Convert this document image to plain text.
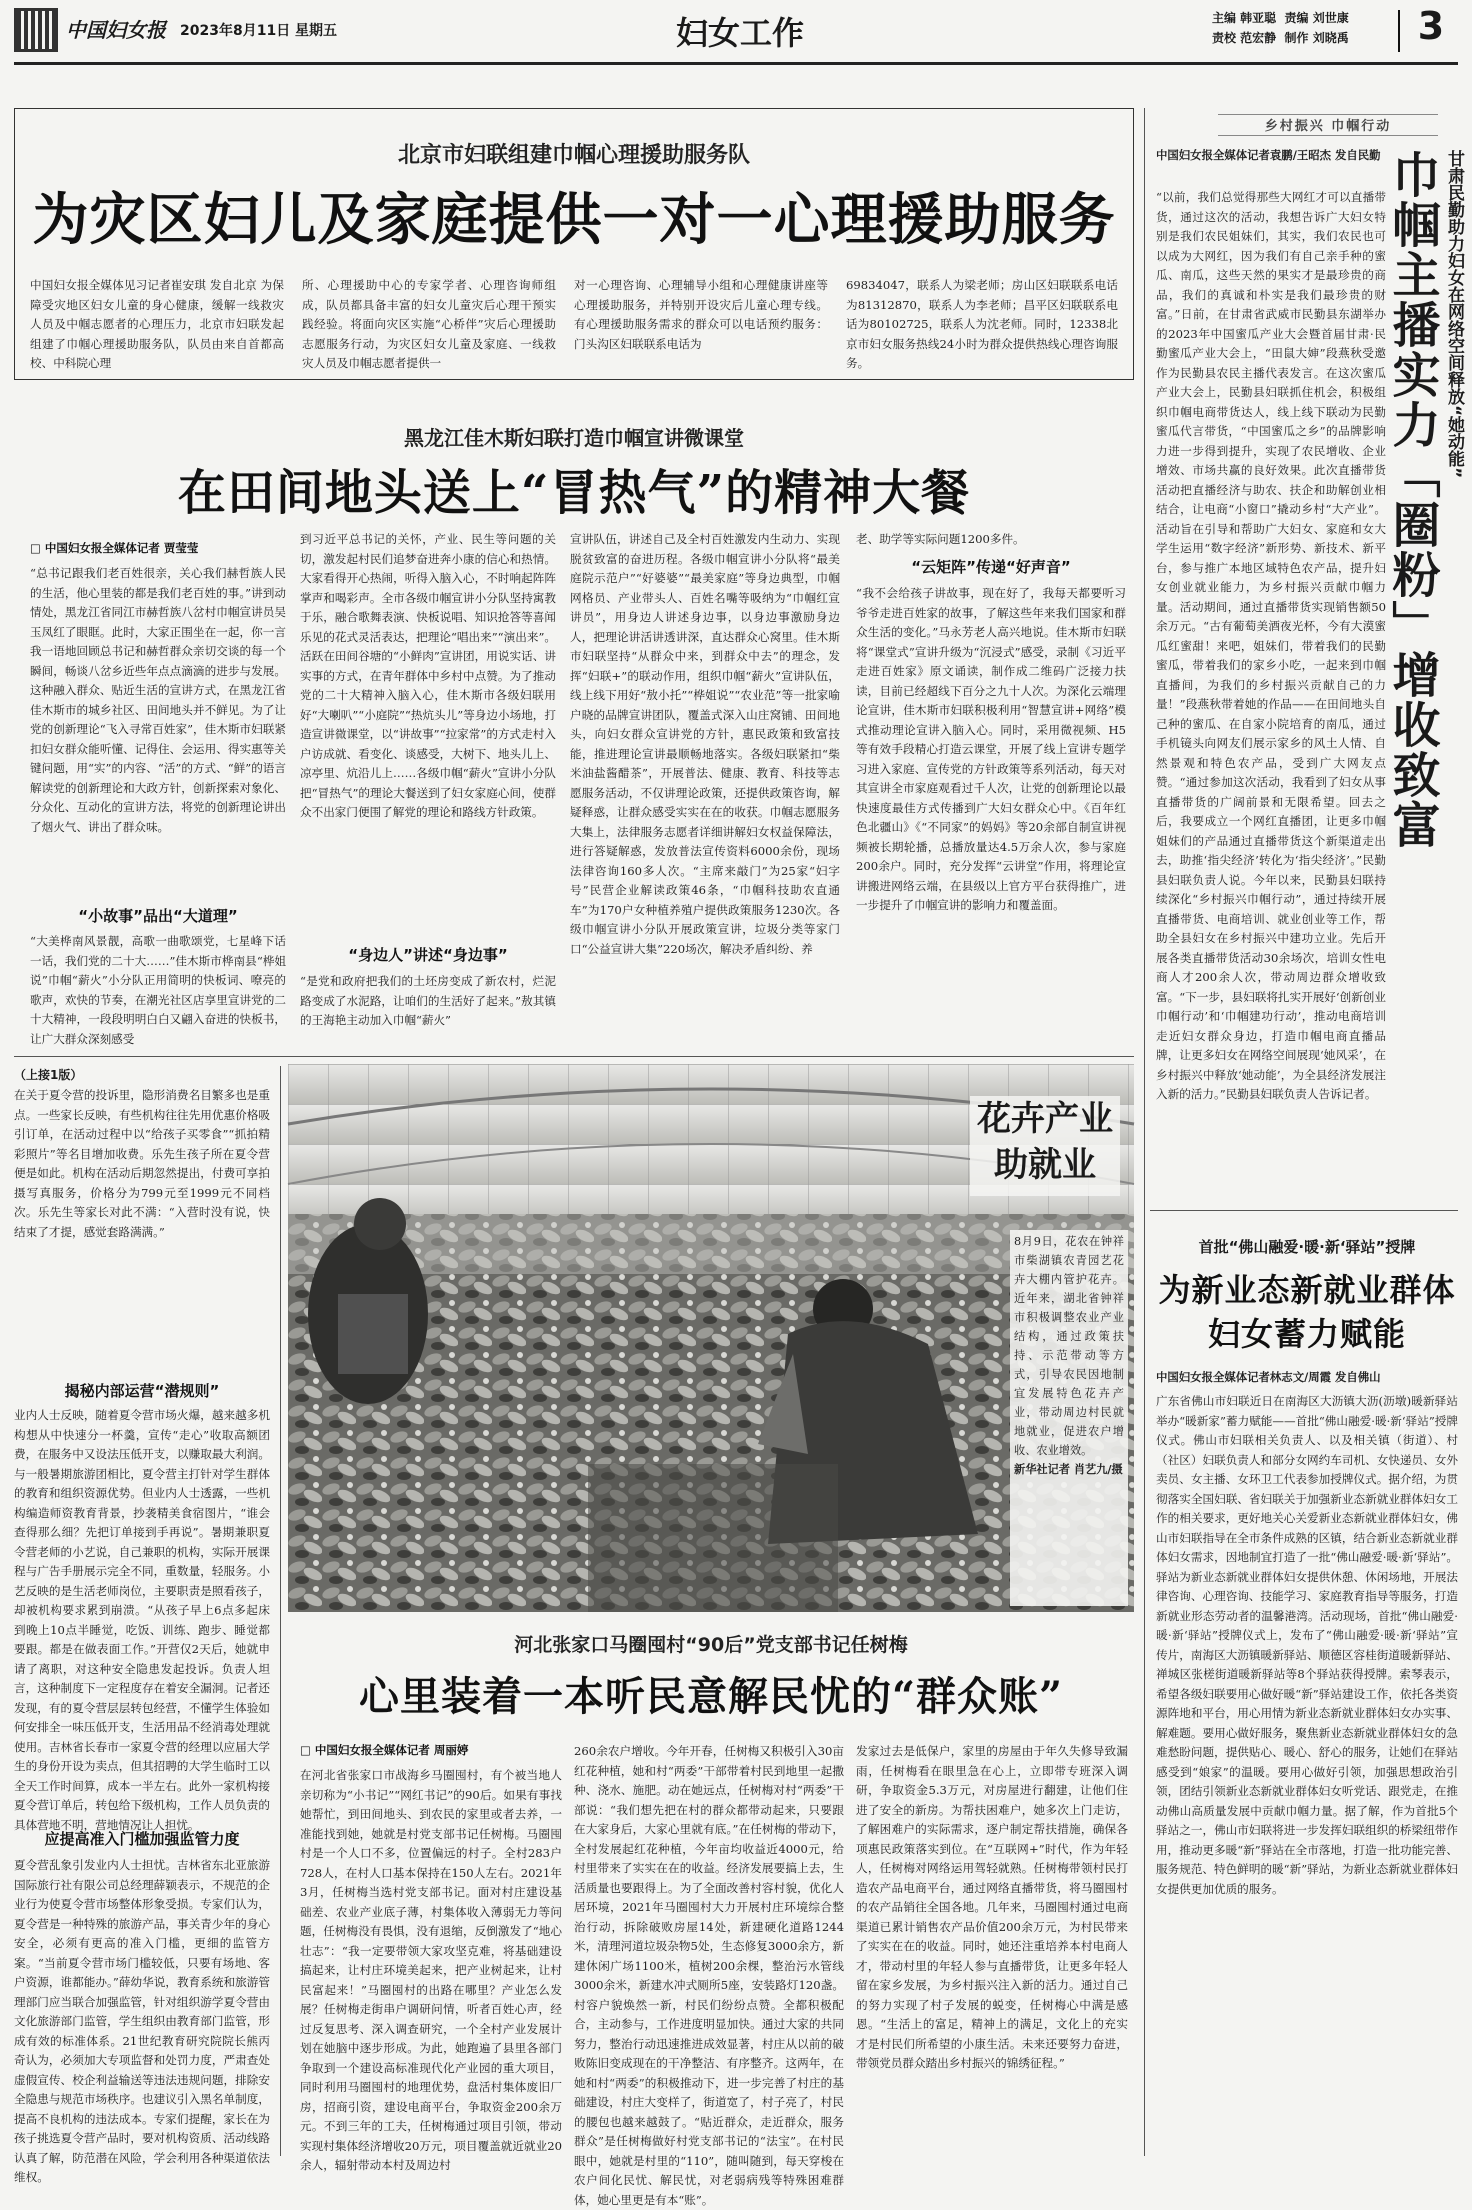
中国妇女报	2023年8月11日 星期五	妇女工作	主编 韩亚聪 责编 刘世康
责校 范宏静 制作 刘晓禹	3
北京市妇联组建巾帼心理援助服务队
为灾区妇儿及家庭提供一对一心理援助服务
中国妇女报全媒体见习记者崔安琪 发自北京 为保障受灾地区妇女儿童的身心健康，缓解一线救灾人员及中帼志愿者的心理压力，北京市妇联发起组建了巾帼心理援助服务队，队员由来自首都高校、中科院心理
所、心理援助中心的专家学者、心理咨询师组成，队员都具备丰富的妇女儿童灾后心理干预实践经验。将面向灾区实施“心桥伴”灾后心理援助志愿服务行动，为灾区妇女儿童及家庭、一线救灾人员及巾帼志愿者提供一
对一心理咨询、心理辅导小组和心理健康讲座等心理援助服务，并特别开设灾后儿童心理专线。有心理援助服务需求的群众可以电话预约服务：门头沟区妇联联系电话为
69834047，联系人为梁老师；房山区妇联联系电话为81312870，联系人为李老师；昌平区妇联联系电话为80102725，联系人为沈老师。同时，12338北京市妇女服务热线24小时为群众提供热线心理咨询服务。
黑龙江佳木斯妇联打造巾帼宣讲微课堂
在田间地头送上“冒热气”的精神大餐
□ 中国妇女报全媒体记者 贾莹莹
“总书记跟我们老百姓很亲，关心我们赫哲族人民的生活，他心里装的都是我们老百姓的事。”讲到动情处，黑龙江省同江市赫哲族八岔村巾帼宣讲员吴玉凤红了眼眶。此时，大家正围坐在一起，你一言我一语地回顾总书记和赫哲群众亲切交谈的每一个瞬间，畅谈八岔乡近些年点点滴滴的进步与发展。这种融入群众、贴近生活的宣讲方式，在黑龙江省佳木斯市的城乡社区、田间地头并不鲜见。为了让党的创新理论“飞入寻常百姓家”，佳木斯市妇联紧扣妇女群众能听懂、记得住、会运用、得实惠等关键问题，用“实”的内容、“活”的方式、“鲜”的语言解读党的创新理论和大政方针，创新探索对象化、分众化、互动化的宣讲方法，将党的创新理论讲出了烟火气、讲出了群众味。
“小故事”品出“大道理”
“大美桦南风景靓，高歌一曲歌颂党，七星峰下话一话，我们党的二十大……”佳木斯市桦南县“桦姐说”巾帼“薪火”小分队正用简明的快板词、嘹亮的歌声，欢快的节奏，在潮光社区店享里宣讲党的二十大精神，一段段明明白白又翩入奋进的快板书，让广大群众深刻感受
到习近平总书记的关怀，产业、民生等问题的关切，激发起村民们追梦奋进奔小康的信心和热情。大家看得开心热闹，听得入脑入心，不时响起阵阵掌声和喝彩声。全市各级巾帼宣讲小分队坚持寓教于乐，融合歌舞表演、快板说唱、知识抢答等喜闻乐见的花式灵活表达，把理论“唱出来”“演出来”。活跃在田间谷塘的“小鲜肉”宣讲团，用说实话、讲实事的方式，在青年群体中乡村中点赞。为了推动党的二十大精神入脑入心，佳木斯市各级妇联用好“大喇叭”“小庭院”“热炕头儿”等身边小场地，打造宣讲微课堂，以“讲故事”“拉家常”的方式走村入户访成就、看变化、谈感受，大树下、地头儿上、凉亭里、炕沿儿上……各级巾帼“薪火”宣讲小分队把“冒热气”的理论大餐送到了妇女家庭心间，使群众不出家门便围了解党的理论和路线方针政策。
“身边人”讲述“身边事”
“是党和政府把我们的土坯房变成了新农村，烂泥路变成了水泥路，让咱们的生活好了起来。”敖其镇的王海艳主动加入巾帼“薪火”
宣讲队伍，讲述自己及全村百姓激发内生动力、实现脱贫致富的奋进历程。各级巾帼宣讲小分队将“最美庭院示范户”“好婆婆”“最美家庭”等身边典型，巾帼网格员、产业带头人、百姓名嘴等吸纳为“巾帼红宣讲员”，用身边人讲述身边事，以身边事激励身边人，把理论讲活讲透讲深，直达群众心窝里。佳木斯市妇联坚持“从群众中来，到群众中去”的理念，发挥“妇联+”的联动作用，组织巾帼“薪火”宣讲队伍，线上线下用好“敖小托”“桦姐说”“农业范”等一批家喻户晓的品牌宣讲团队，覆盖式深入山庄窝铺、田间地头，向妇女群众宣讲党的方针，惠民政策和致富技能，推进理论宣讲最顺畅地落实。各级妇联紧扣“柴米油盐酱醋茶”，开展普法、健康、教育、科技等志愿服务活动，不仅讲理论政策，还提供政策咨询，解疑释惑，让群众感受实实在在的收获。巾帼志愿服务大集上，法律服务志愿者详细讲解妇女权益保障法，进行答疑解惑，发放普法宣传资料6000余份，现场法律咨询160多人次。“主席来敲门”为25家“妇字号”民营企业解读政策46条，“巾帼科技助农直通车”为170户女种植养殖户提供政策服务1230次。各级巾帼宣讲小分队开展政策宣讲，垃圾分类等家门口“公益宣讲大集”220场次，解决矛盾纠纷、养
老、助学等实际问题1200多件。
“云矩阵”传递“好声音”
“我不会给孩子讲故事，现在好了，我每天都要听习爷爷走进百姓家的故事，了解这些年来我们国家和群众生活的变化。”马永芳老人高兴地说。佳木斯市妇联将“课堂式”宣讲升级为“沉浸式”感受，录制《习近平走进百姓家》原文诵读，制作成二维码广泛接力扶读，目前已经超线下百分之九十人次。为深化云端理论宣讲，佳木斯市妇联积极利用“智慧宣讲+网络”模式推动理论宣讲入脑入心。同时，采用微视频、H5等有效手段精心打造云课堂，开展了线上宣讲专题学习进入家庭、宣传党的方针政策等系列活动，每天对其宣讲全市家庭观看过千人次，让党的创新理论以最快速度最佳方式传播到广大妇女群众心中。《百年红色北疆山》《“不同家”的妈妈》等20余部自制宣讲视频被长期轮播，总播放量达4.5万余人次，参与家庭200余户。同时，充分发挥“云讲堂”作用，将理论宣讲搬进网络云端，在县级以上官方平台获得推广，进一步提升了巾帼宣讲的影响力和覆盖面。
（上接1版）
在关于夏令营的投诉里，隐形消费名目繁多也是重点。一些家长反映，有些机构往往先用优惠价格吸引订单，在活动过程中以“给孩子买零食”“抓拍精彩照片”等名目增加收费。乐先生孩子所在夏令营便是如此。机构在活动后期忽然提出，付费可享拍摄写真服务，价格分为799元至1999元不同档次。乐先生等家长对此不满：“入营时没有说，快结束了才提，感觉套路满满。”
揭秘内部运营“潜规则”
业内人士反映，随着夏令营市场火爆，越来越多机构想从中快速分一杯羹，宣传“走心”收取高额团费，在服务中又设法压低开支，以赚取最大利润。与一般暑期旅游团相比，夏令营主打针对学生群体的教育和组织资源优势。但业内人士透露，一些机构编造师资教育背景，抄袭精美食宿图片，“谁会查得那么细？先把订单接到手再说”。暑期兼职夏令营老师的小艺说，自己兼职的机构，实际开展课程与广告手册展示完全不同，重数量，轻服务。小艺反映的是生活老师岗位，主要职责是照看孩子，却被机构要求累到崩溃。“从孩子早上6点多起床到晚上10点半睡觉，吃饭、训练、跑步、睡觉都要跟。都是在做表面工作。”开营仅2天后，她就申请了离职，对这种安全隐患发起投诉。负责人坦言，这种制度下一定程度存在着安全漏洞。记者还发现，有的夏令营层层转包经营，不懂学生体验如何安排全一味压低开支，生活用品不经消毒处理就使用。吉林省长春市一家夏令营的经理以应届大学生的身份开设为卖点，但其招聘的大学生临时工以全天工作时间算，成本一半左右。此外一家机构接夏令营订单后，转包给下级机构，工作人员负责的具体营地不明，营地情况让人担忧。
应提高准入门槛加强监管力度
夏令营乱象引发业内人士担忧。吉林省东北亚旅游国际旅行社有限公司总经理薛颖表示，不规范的企业行为使夏令营市场整体形象受损。专家们认为，夏令营是一种特殊的旅游产品，事关青少年的身心安全，必须有更高的准入门槛，更细的监管方案。“当前夏令营市场门槛较低，只要有场地、客户资源，谁都能办。”薛幼华说，教育系统和旅游管理部门应当联合加强监管，针对组织游学夏令营由文化旅游部门监管，学生组织由教育部门监管，形成有效的标准体系。21世纪教育研究院院长熊丙奇认为，必须加大专项监督和处罚力度，严肃查处虚假宣传、校企利益输送等违法违规问题，排除安全隐患与规范市场秩序。也建议引入黑名单制度，提高不良机构的违法成本。专家们提醒，家长在为孩子挑选夏令营产品时，要对机构资质、活动线路认真了解，防范潜在风险，学会利用各种渠道依法维权。
花卉产业助就业
8月9日，花农在钟祥市柴湖镇农青园艺花卉大棚内管护花卉。近年来，湖北省钟祥市积极调整农业产业结构，通过政策扶持、示范带动等方式，引导农民因地制宜发展特色花卉产业，带动周边村民就地就业，促进农户增收、农业增效。
新华社记者 肖艺九/摄
河北张家口马圈囤村“90后”党支部书记任树梅
心里装着一本听民意解民忧的“群众账”
□ 中国妇女报全媒体记者 周丽婷
在河北省张家口市战海乡马圈囤村，有个被当地人亲切称为“小书记”“网红书记”的90后。如果有事找她帮忙，到田间地头、到农民的家里或者去养，一准能找到她，她就是村党支部书记任树梅。马圈囤村是一个人口不多，位置偏远的村子。全村283户728人，在村人口基本保持在150人左右。2021年3月，任树梅当选村党支部书记。面对村庄建设基础差、农业产业底子薄，村集体收入薄弱无力等问题，任树梅没有畏惧，没有退缩，反倒激发了“地心壮志”：“我一定要带领大家攻坚克难，将基础建设搞起来，让村庄环境美起来，把产业树起来，让村民富起来！”马圈囤村的出路在哪里？产业怎么发展？任树梅走街串户调研问情，听者百姓心声，经过反复思考、深入调查研究，一个全村产业发展计划在她脑中逐步形成。为此，她跑遍了县里各部门争取到一个建设高标准现代化产业园的重大项目，同时利用马圈囤村的地理优势，盘活村集体废旧厂房，招商引资，建设电商平台，争取资金200余万元。不到三年的工夫，任树梅通过项目引领，带动实现村集体经济增收20万元，项目覆盖就近就业20余人，辐射带动本村及周边村
260余农户增收。今年开春，任树梅又积极引入30亩红花种植，她和村“两委”干部带着村民到地里一起撒种、浇水、施肥。动在她远点，任树梅对村“两委”干部说：“我们想先把在村的群众都带动起来，只要跟在大家身后，大家心里就有底。”在任树梅的带动下，全村发展起红花种植，今年亩均收益近4000元，给村里带来了实实在在的收益。经济发展要搞上去，生活质量也要跟得上。为了全面改善村容村貌，优化人居环境，2021年马圈囤村大力开展村庄环境综合整治行动，拆除破败房屋14处，新建硬化道路1244米，清理河道垃圾杂物5处，生态修复3000余方，新建休闲广场1100米，植树200余棵，整治污水管线3000余米，新建水冲式厕所5座，安装路灯120盏。村容户貌焕然一新，村民们纷纷点赞。全都积极配合，主动参与，工作进度明显加快。通过大家的共同努力，整治行动迅速推进成效显著，村庄从以前的破败陈旧变成现在的干净整洁、有序整齐。这两年，在她和村“两委”的积极推动下，进一步完善了村庄的基础建设，村庄大变样了，街道宽了，村子亮了，村民的腰包也越来越鼓了。“贴近群众，走近群众，服务群众”是任树梅做好村党支部书记的“法宝”。在村民眼中，她就是村里的“110”，随叫随到，每天穿梭在农户间化民忧、解民忧，对老弱病残等特殊困难群体，她心里更是有本“账”。
发家过去是低保户，家里的房屋由于年久失修导致漏雨，任树梅看在眼里急在心上，立即带专班深入调研，争取资金5.3万元，对房屋进行翻建，让他们住进了安全的新房。为帮扶困难户，她多次上门走访，了解困难户的实际需求，逐户制定帮扶措施，确保各项惠民政策落实到位。在“互联网+”时代，作为年轻人，任树梅对网络运用驾轻就熟。任树梅带领村民打造农产品电商平台，通过网络直播带货，将马圈囤村的农产品销往全国各地。几年来，马圈囤村通过电商渠道已累计销售农产品价值200余万元，为村民带来了实实在在的收益。同时，她还注重培养本村电商人才，带动村里的年轻人参与直播带货，让更多年轻人留在家乡发展，为乡村振兴注入新的活力。通过自己的努力实现了村子发展的蜕变，任树梅心中满是感恩。“生活上的富足，精神上的满足，文化上的充实才是村民们所希望的小康生活。未来还要努力奋进，带领党员群众踏出乡村振兴的锦绣征程。”
乡村振兴 巾帼行动
中国妇女报全媒体记者袁鹏/王昭杰 发自民勤
“以前，我们总觉得那些大网红才可以直播带货，通过这次的活动，我想告诉广大妇女特别是我们农民姐妹们，其实，我们农民也可以成为大网红，因为我们有自己亲手种的蜜瓜、南瓜，这些天然的果实才是最珍贵的商品，我们的真诚和朴实是我们最珍贵的财富。”日前，在甘肃省武威市民勤县东湖举办的2023年中国蜜瓜产业大会暨首届甘肃·民勤蜜瓜产业大会上，“田鼠大婶”段燕秋受邀作为民勤县农民主播代表发言。在这次蜜瓜产业大会上，民勤县妇联抓住机会，积极组织巾帼电商带货达人，线上线下联动为民勤蜜瓜代言带货，“中国蜜瓜之乡”的品牌影响力进一步得到提升，实现了农民增收、企业增效、市场共赢的良好效果。此次直播带货活动把直播经济与助农、扶企和助解创业相结合，让电商“小窗口”撬动乡村“大产业”。活动旨在引导和帮助广大妇女、家庭和女大学生运用“数字经济”新形势、新技术、新平台，参与推广本地区域特色农产品，提升妇女创业就业能力，为乡村振兴贡献巾帼力量。活动期间，通过直播带货实现销售额50余万元。“古有葡萄美酒夜光杯，今有大漠蜜瓜红蜜甜！来吧，姐妹们，带着我们的民勤蜜瓜，带着我们的家乡小吃，一起来到巾帼直播间，为我们的乡村振兴贡献自己的力量！”段燕秋带着她的作品——在田间地头自己种的蜜瓜、在自家小院培育的南瓜，通过手机镜头向网友们展示家乡的风土人情、自然景观和特色农产品，受到广大网友点赞。“通过参加这次活动，我看到了妇女从事直播带货的广阔前景和无限希望。回去之后，我要成立一个网红直播团，让更多巾帼姐妹们的产品通过直播带货这个新渠道走出去，助推‘指尖经济’转化为‘指尖经济’。”民勤县妇联负责人说。今年以来，民勤县妇联持续深化“乡村振兴巾帼行动”，通过持续开展直播带货、电商培训、就业创业等工作，帮助全县妇女在乡村振兴中建功立业。先后开展各类直播带货活动30余场次，培训女性电商人才200余人次，带动周边群众增收致富。“下一步，县妇联将扎实开展好‘创新创业巾帼行动’和‘巾帼建功行动’，推动电商培训走近妇女群众身边，打造巾帼电商直播品牌，让更多妇女在网络空间展现‘她风采’，在乡村振兴中释放‘她动能’，为全县经济发展注入新的活力。”民勤县妇联负责人告诉记者。
巾帼主播实力「圈粉」增收致富 甘肃民勤助力妇女在网络空间释放“她动能”
首批“佛山融爱·暖·新‘驿站”授牌
为新业态新就业群体妇女蓄力赋能
中国妇女报全媒体记者林志文/周霞 发自佛山
广东省佛山市妇联近日在南海区大沥镇大沥(沥墩)暖新驿站举办“暖新家”蓄力赋能——首批“佛山融爱·暖·新‘驿站”授牌仪式。佛山市妇联相关负责人、以及相关镇（街道）、村（社区）妇联负责人和部分女网约车司机、女快递员、女外卖员、女主播、女环卫工代表参加授牌仪式。据介绍，为贯彻落实全国妇联、省妇联关于加强新业态新就业群体妇女工作的相关要求，更好地关心关爱新业态新就业群体妇女，佛山市妇联指导在全市条件成熟的区镇，结合新业态新就业群体妇女需求，因地制宜打造了一批“佛山融爱·暖·新‘驿站”。驿站为新业态新就业群体妇女提供休憩、休闲场地，开展法律咨询、心理咨询、技能学习、家庭教育指导等服务，打造新就业形态劳动者的温馨港湾。活动现场，首批“佛山融爱·暖·新‘驿站”授牌仪式上，发布了“佛山融爱·暖·新‘驿站”宣传片，南海区大沥镇暖新驿站、顺德区容桂街道暖新驿站、禅城区张槎街道暖新驿站等8个驿站获得授牌。索琴表示，希望各级妇联要用心做好暖“新”驿站建设工作，依托各类资源阵地和平台，用心用情为新业态新就业群体妇女办实事、解难题。要用心做好服务，聚焦新业态新就业群体妇女的急难愁盼问题，提供贴心、暖心、舒心的服务，让她们在驿站感受到“娘家”的温暖。要用心做好引领，加强思想政治引领，团结引领新业态新就业群体妇女听党话、跟党走，在推动佛山高质量发展中贡献巾帼力量。据了解，作为首批5个驿站之一，佛山市妇联将进一步发挥妇联组织的桥梁纽带作用，推动更多暖“新”驿站在全市落地，打造一批功能完善、服务规范、特色鲜明的暖“新”驿站，为新业态新就业群体妇女提供更加优质的服务。
